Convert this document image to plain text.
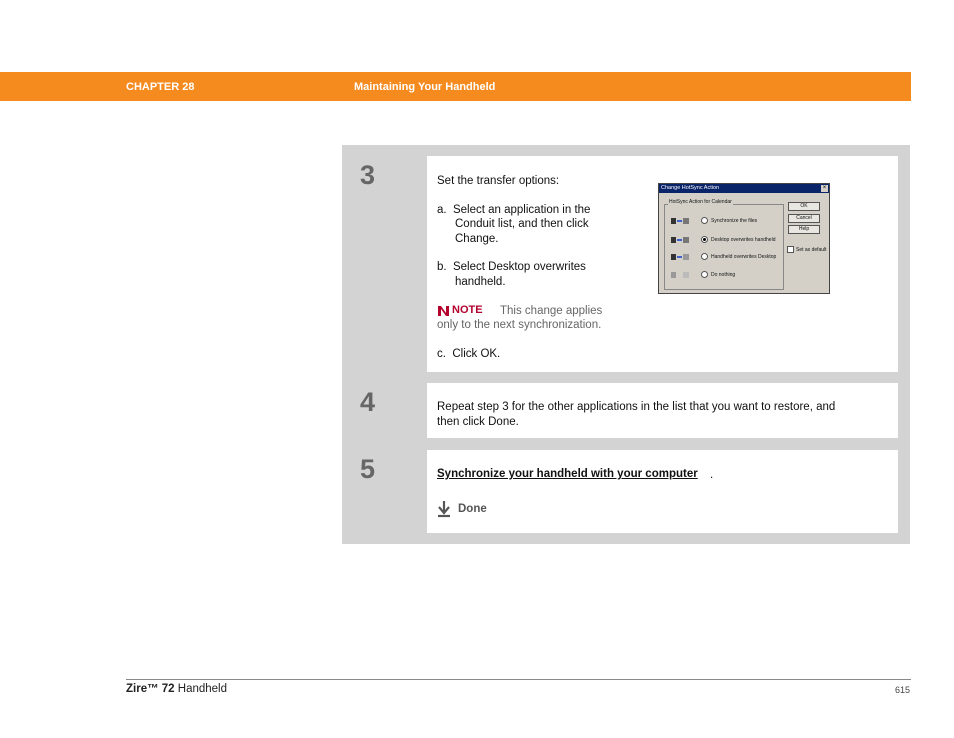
CHAPTER 28	Maintaining Your Handheld
3	Set the transfer options:
a.  Select an application in the
Conduit list, and then click
Change.
b.  Select Desktop overwrites
handheld.
NOTE This change applies
only to the next synchronization.
c.  Click OK.
Change HotSync Action	×
HotSync Action for Calendar
Synchronize the files
Desktop overwrites handheld
Handheld overwrites Desktop
Do nothing
OK
Cancel
Help
Set as default
4	Repeat step 3 for the other applications in the list that you want to restore, and
then click Done.
5	Synchronize your handheld with your computer .
Done
Zire™ 72 Handheld	615
